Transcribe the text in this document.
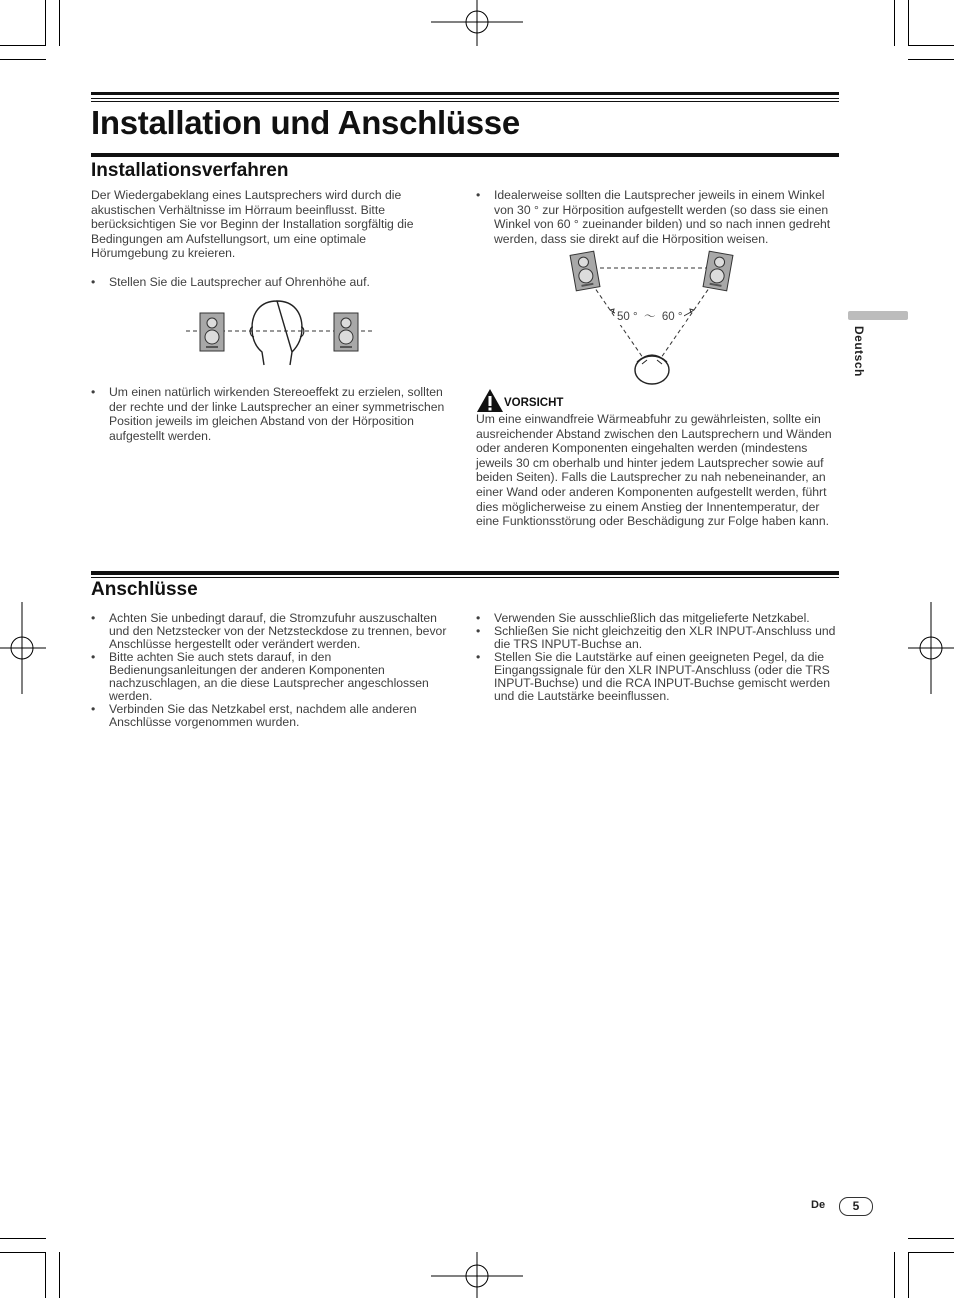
Installation und Anschlüsse
Installationsverfahren

Der Wiedergabeklang eines Lautsprechers wird durch die akustischen Verhältnisse im Hörraum beeinflusst. Bitte berücksichtigen Sie vor Beginn der Installation sorgfältig die Bedingungen am Aufstellungsort, um eine optimale Hörumgebung zu kreieren.

• Stellen Sie die Lautsprecher auf Ohrenhöhe auf.
• Um einen natürlich wirkenden Stereoeffekt zu erzielen, sollten der rechte und der linke Lautsprecher an einer symmetrischen Position jeweils im gleichen Abstand von der Hörposition aufgestellt werden.
• Idealerweise sollten die Lautsprecher jeweils in einem Winkel von 30 ° zur Hörposition aufgestellt werden (so dass sie einen Winkel von 60 ° zueinander bilden) und so nach innen gedreht werden, dass sie direkt auf die Hörposition weisen.
50 °  ～  60 °
VORSICHT

Um eine einwandfreie Wärmeabfuhr zu gewährleisten, sollte ein ausreichender Abstand zwischen den Lautsprechern und Wänden oder anderen Komponenten eingehalten werden (mindestens jeweils 30 cm oberhalb und hinter jedem Lautsprecher sowie auf beiden Seiten). Falls die Lautsprecher zu nah nebeneinander, an einer Wand oder anderen Komponenten aufgestellt werden, führt dies möglicherweise zu einem Anstieg der Innentemperatur, der eine Funktionsstörung oder Beschädigung zur Folge haben kann.

Anschlüsse
• Achten Sie unbedingt darauf, die Stromzufuhr auszuschalten und den Netzstecker von der Netzsteckdose zu trennen, bevor Anschlüsse hergestellt oder verändert werden.
• Bitte achten Sie auch stets darauf, in den Bedienungsanleitungen der anderen Komponenten nachzuschlagen, an die diese Lautsprecher angeschlossen werden.
• Verbinden Sie das Netzkabel erst, nachdem alle anderen Anschlüsse vorgenommen wurden.
• Verwenden Sie ausschließlich das mitgelieferte Netzkabel.
• Schließen Sie nicht gleichzeitig den XLR INPUT-Anschluss und die TRS INPUT-Buchse an.
• Stellen Sie die Lautstärke auf einen geeigneten Pegel, da die Eingangssignale für den XLR INPUT-Anschluss (oder die TRS INPUT-Buchse) und die RCA INPUT-Buchse gemischt werden und die Lautstärke beeinflussen.
Deutsch
De	5
